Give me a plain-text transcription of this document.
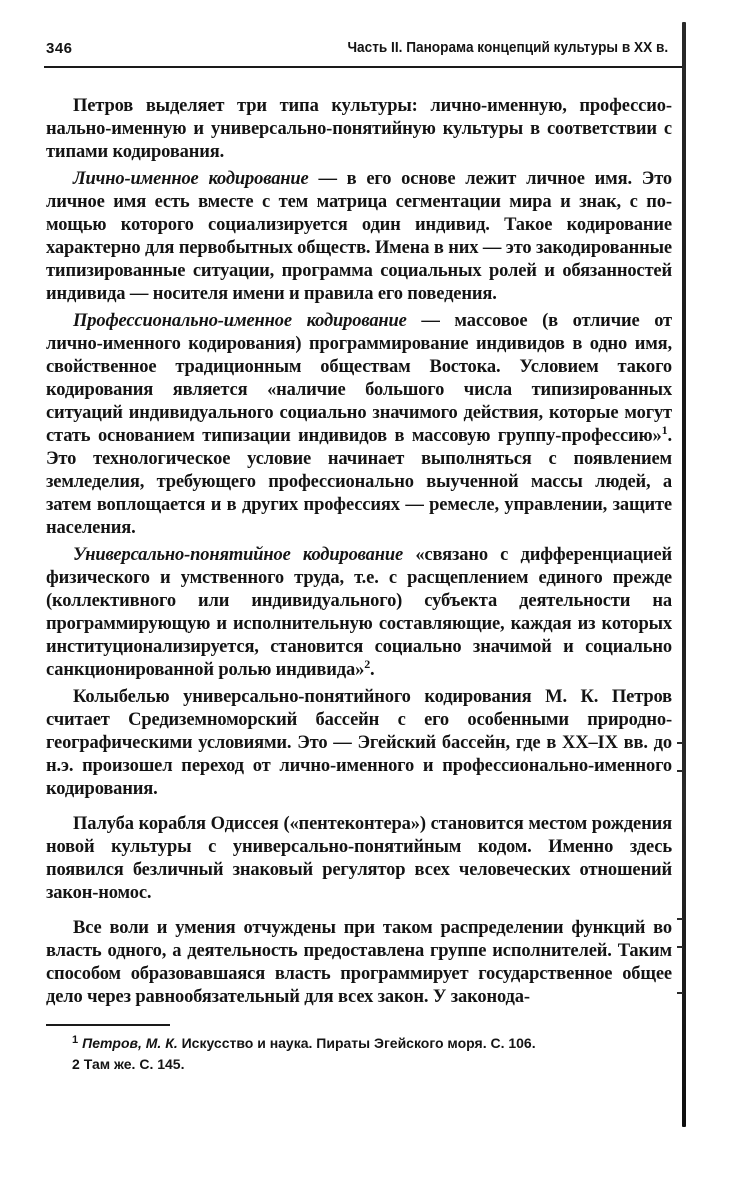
346	Часть II. Панорама концепций культуры в XX в.

Петров выделяет три типа культуры: лично-именную, профессионально-именную и универсально-понятийную культуры в соответствии с типами кодирования.

Лично-именное кодирование — в его основе лежит личное имя. Это личное имя есть вместе с тем матрица сегментации мира и знак, с помощью которого социализируется один индивид. Такое кодирование характерно для первобытных обществ. Имена в них — это закодированные типизированные ситуации, программа социальных ролей и обязанностей индивида — носителя имени и правила его поведения.

Профессионально-именное кодирование — массовое (в отличие от лично-именного кодирования) программирование индивидов в одно имя, свойственное традиционным обществам Востока. Условием такого кодирования является «наличие большого числа типизированных ситуаций индивидуального социально значимого действия, которые могут стать основанием типизации индивидов в массовую группу-профессию»$^1$. Это технологическое условие начинает выполняться с появлением земледелия, требующего профессионально выученной массы людей, а затем воплощается и в других профессиях — ремесле, управлении, защите населения.

Универсально-понятийное кодирование «связано с дифференциацией физического и умственного труда, т.е. с расщеплением единого прежде (коллективного или индивидуального) субъекта деятельности на программирующую и исполнительную составляющие, каждая из которых институционализируется, становится социально значимой и социально санкционированной ролью индивида»$^2$.

Колыбелью универсально-понятийного кодирования М. К. Петров считает Средиземноморский бассейн с его особенными природно-географическими условиями. Это — Эгейский бассейн, где в XX–IX вв. до н.э. произошел переход от лично-именного и профессионально-именного кодирования.

Палуба корабля Одиссея («пентеконтера») становится местом рождения новой культуры с универсально-понятийным кодом. Именно здесь появился безличный знаковый регулятор всех человеческих отношений закон-номос.

Все воли и умения отчуждены при таком распределении функций во власть одного, а деятельность предоставлена группе исполнителей. Таким способом образовавшаяся власть программирует государственное общее дело через равнообязательный для всех закон. У законода-

$^1$ Петров, М. К. Искусство и наука. Пираты Эгейского моря. С. 106.
2 Там же. С. 145.
